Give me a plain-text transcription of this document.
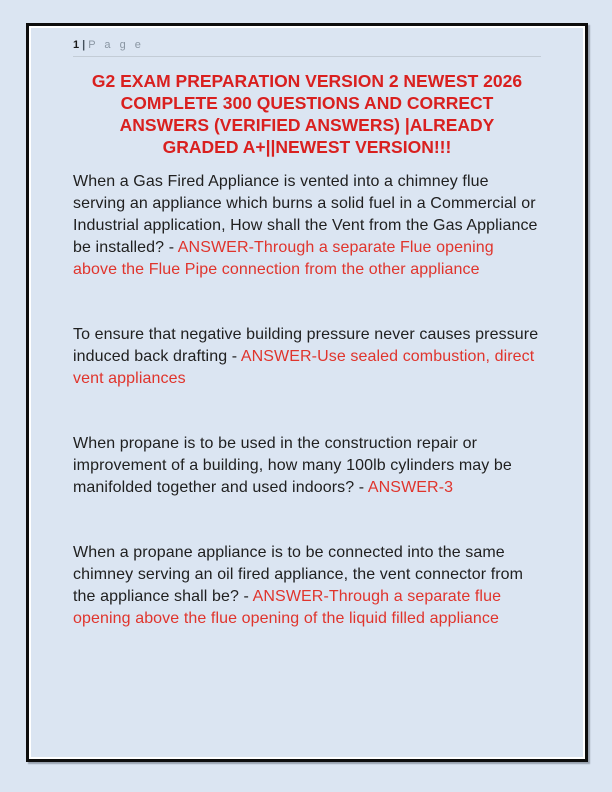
1 | P a g e
G2 EXAM PREPARATION VERSION 2 NEWEST 2026
COMPLETE 300 QUESTIONS AND CORRECT
ANSWERS (VERIFIED ANSWERS) |ALREADY
GRADED A+||NEWEST VERSION!!!

When a Gas Fired Appliance is vented into a chimney flue serving an appliance which burns a solid fuel in a Commercial or Industrial application, How shall the Vent from the Gas Appliance be installed? - ANSWER-Through a separate Flue opening above the Flue Pipe connection from the other appliance

To ensure that negative building pressure never causes pressure induced back drafting - ANSWER-Use sealed combustion, direct vent appliances

When propane is to be used in the construction repair or improvement of a building, how many 100lb cylinders may be manifolded together and used indoors? - ANSWER-3

When a propane appliance is to be connected into the same chimney serving an oil fired appliance, the vent connector from the appliance shall be? - ANSWER-Through a separate flue opening above the flue opening of the liquid filled appliance
